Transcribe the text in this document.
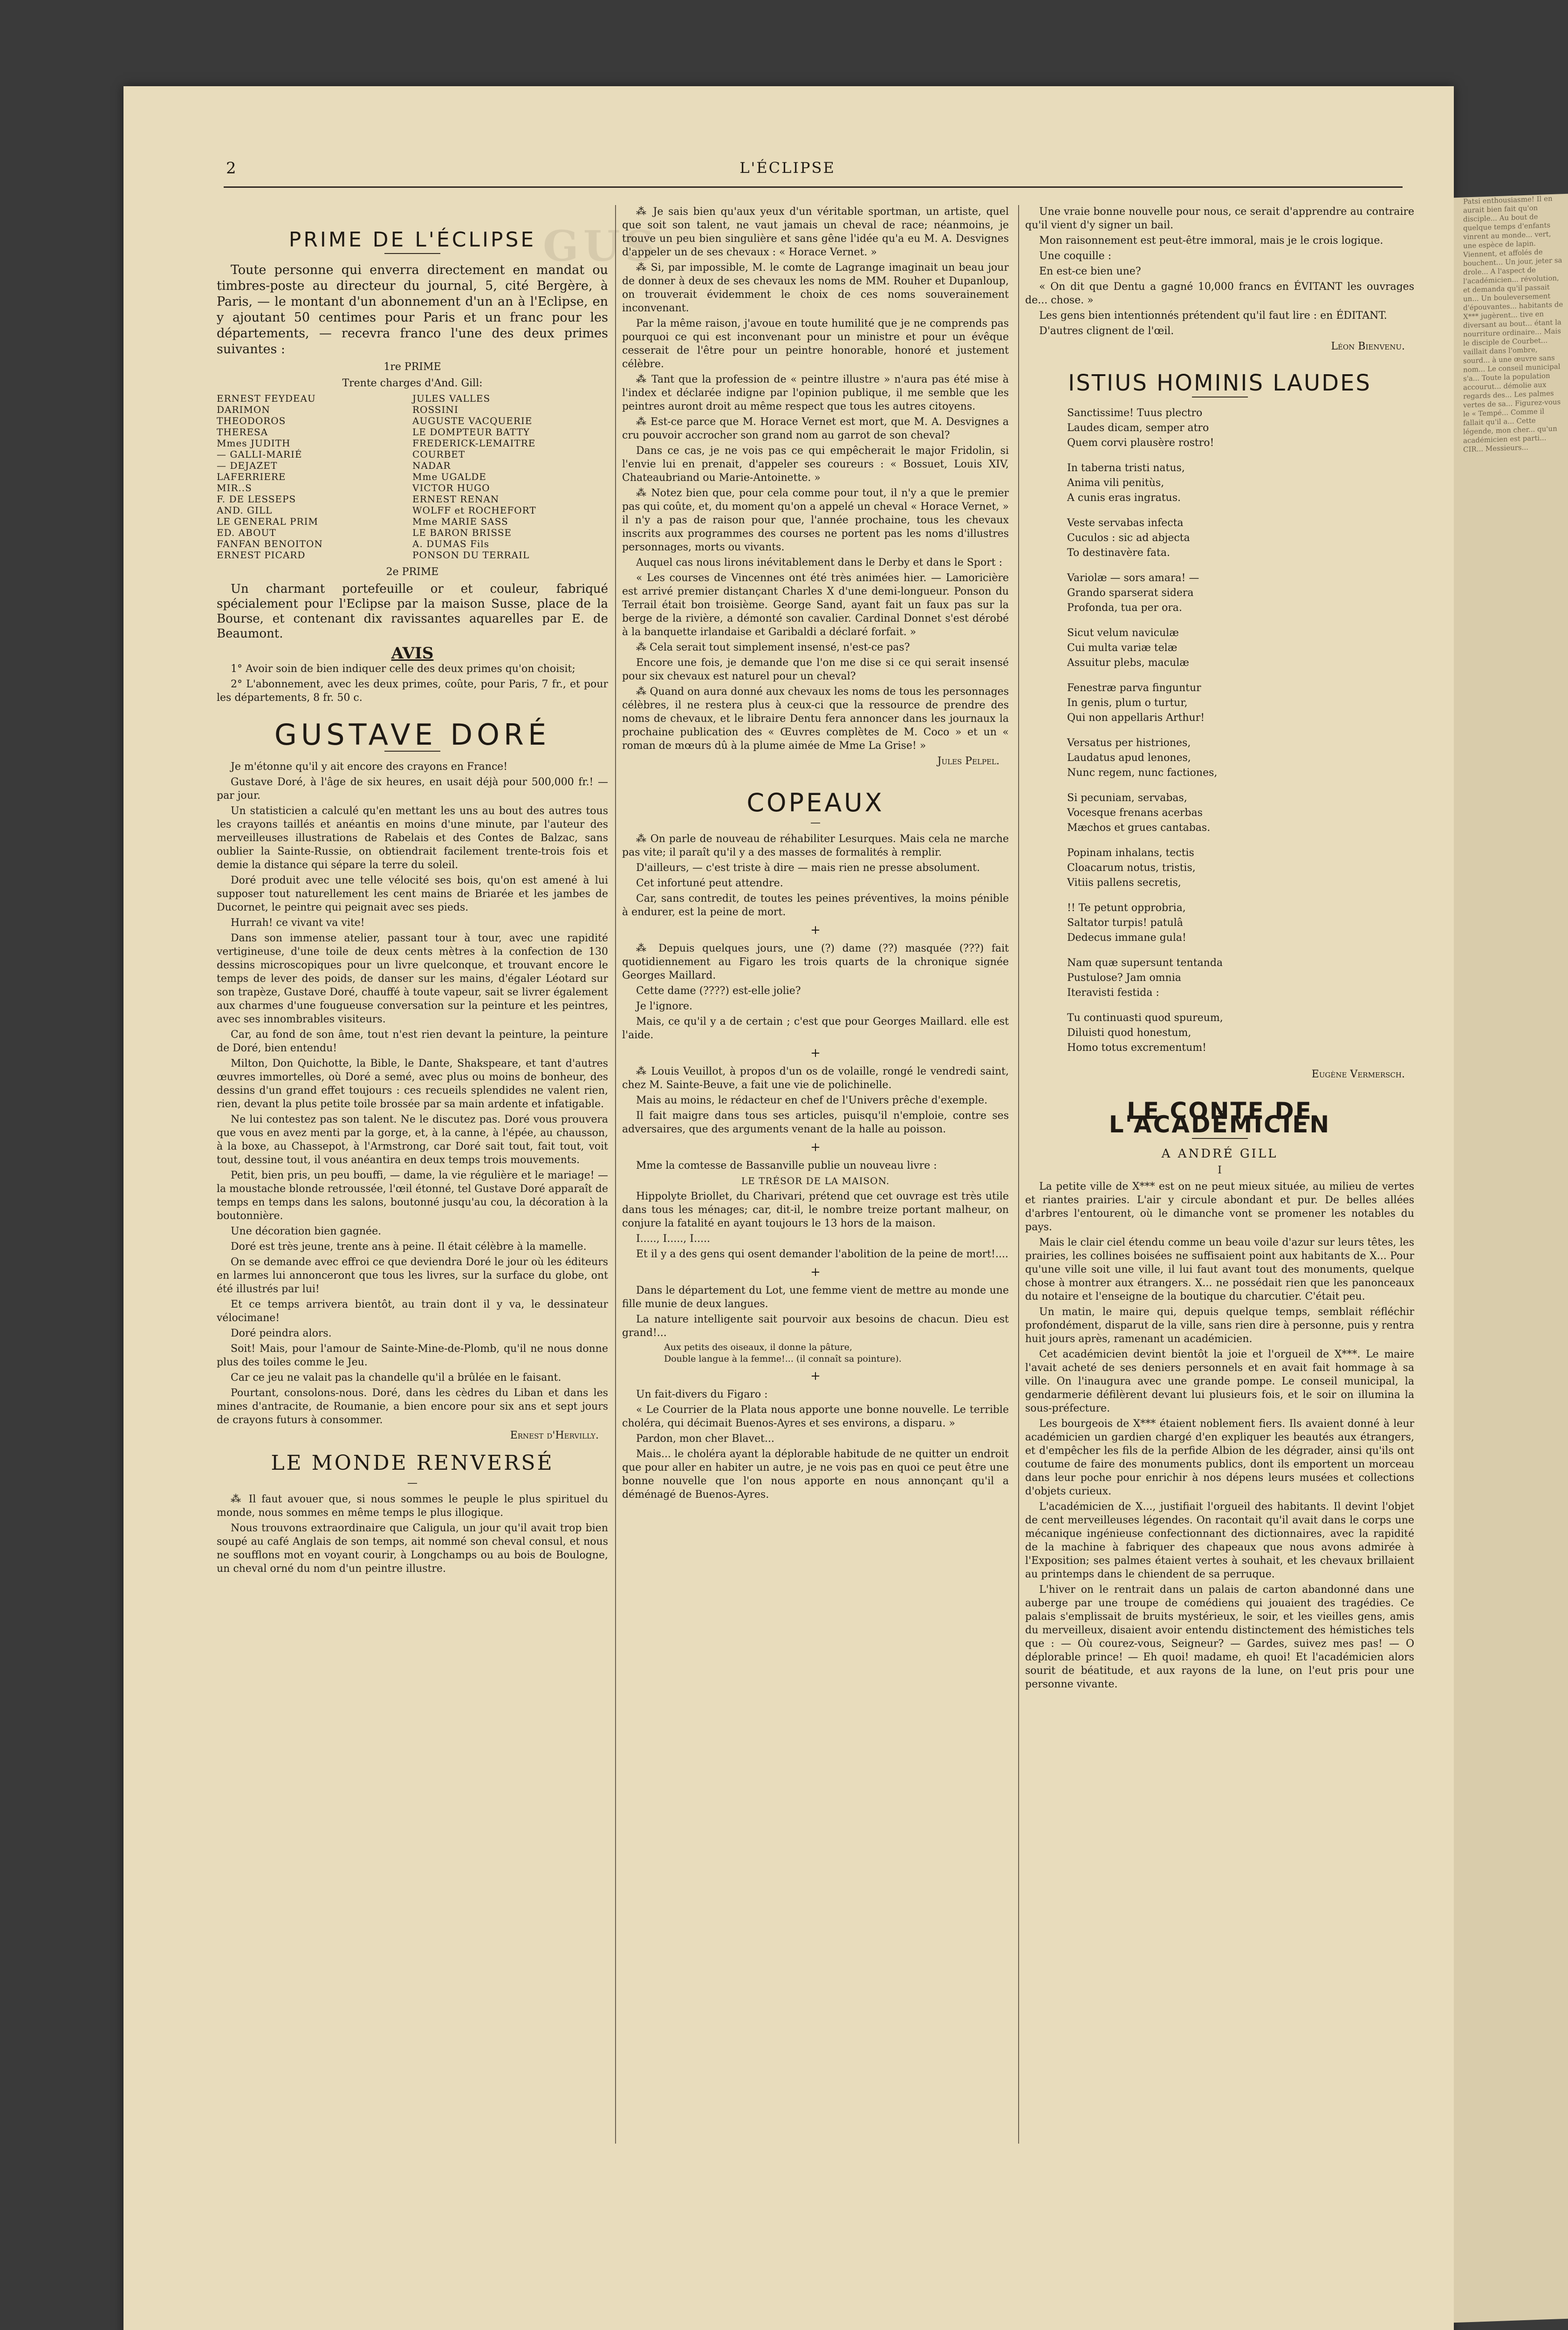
GUS
Patsi enthousiasme! Il en aurait bien fait qu'on disciple... Au bout de quelque temps d'enfants vinrent au monde... vert, une espèce de lapin. Viennent, et affolés de bouchent... Un jour, jeter sa drole... A l'aspect de l'académicien... révolution, et demanda qu'il passait un... Un bouleversement d'épouvantes... habitants de X*** jugèrent... tive en diversant au bout... étant la nourriture ordinaire... Mais le disciple de Courbet... vaillait dans l'ombre, sourd... à une œuvre sans nom... Le conseil municipal s'a... Toute la population accourut... démolie aux regards des... Les palmes vertes de sa... Figurez-vous le « Tempé... Comme il fallait qu'il a... Cette légende, mon cher... qu'un académicien est parti... CIR... Messieurs...
2	L'ÉCLIPSE
PRIME DE L'ÉCLIPSE

Toute personne qui enverra directement en mandat ou timbres-poste au directeur du journal, 5, cité Bergère, à Paris, — le montant d'un abonnement d'un an à l'Eclipse, en y ajoutant 50 centimes pour Paris et un franc pour les départements, — recevra franco l'une des deux primes suivantes :

1re PRIME
Trente charges d'And. Gill:
ERNEST FEYDEAU
DARIMON
THEODOROS
THERESA
Mmes JUDITH
— GALLI-MARIÉ
— DEJAZET
LAFERRIERE
MIR..S
F. DE LESSEPS
AND. GILL
LE GENERAL PRIM
ED. ABOUT
FANFAN BENOITON
ERNEST PICARD
JULES VALLES
ROSSINI
AUGUSTE VACQUERIE
LE DOMPTEUR BATTY
FREDERICK-LEMAITRE
COURBET
NADAR
Mme UGALDE
VICTOR HUGO
ERNEST RENAN
WOLFF et ROCHEFORT
Mme MARIE SASS
LE BARON BRISSE
A. DUMAS Fils
PONSON DU TERRAIL
2e PRIME

Un charmant portefeuille or et couleur, fabriqué spécialement pour l'Eclipse par la maison Susse, place de la Bourse, et contenant dix ravissantes aquarelles par E. de Beaumont.

AVIS

1° Avoir soin de bien indiquer celle des deux primes qu'on choisit;

2° L'abonnement, avec les deux primes, coûte, pour Paris, 7 fr., et pour les départements, 8 fr. 50 c.

GUSTAVE DORÉ

Je m'étonne qu'il y ait encore des crayons en France!

Gustave Doré, à l'âge de six heures, en usait déjà pour 500,000 fr.! — par jour.

Un statisticien a calculé qu'en mettant les uns au bout des autres tous les crayons taillés et anéantis en moins d'une minute, par l'auteur des merveilleuses illustrations de Rabelais et des Contes de Balzac, sans oublier la Sainte-Russie, on obtiendrait facilement trente-trois fois et demie la distance qui sépare la terre du soleil.

Doré produit avec une telle vélocité ses bois, qu'on est amené à lui supposer tout naturellement les cent mains de Briarée et les jambes de Ducornet, le peintre qui peignait avec ses pieds.

Hurrah! ce vivant va vite!

Dans son immense atelier, passant tour à tour, avec une rapidité vertigineuse, d'une toile de deux cents mètres à la confection de 130 dessins microscopiques pour un livre quelconque, et trouvant encore le temps de lever des poids, de danser sur les mains, d'égaler Léotard sur son trapèze, Gustave Doré, chauffé à toute vapeur, sait se livrer également aux charmes d'une fougueuse conversation sur la peinture et les peintres, avec ses innombrables visiteurs.

Car, au fond de son âme, tout n'est rien devant la peinture, la peinture de Doré, bien entendu!

Milton, Don Quichotte, la Bible, le Dante, Shakspeare, et tant d'autres œuvres immortelles, où Doré a semé, avec plus ou moins de bonheur, des dessins d'un grand effet toujours : ces recueils splendides ne valent rien, rien, devant la plus petite toile brossée par sa main ardente et infatigable.

Ne lui contestez pas son talent. Ne le discutez pas. Doré vous prouvera que vous en avez menti par la gorge, et, à la canne, à l'épée, au chausson, à la boxe, au Chassepot, à l'Armstrong, car Doré sait tout, fait tout, voit tout, dessine tout, il vous anéantira en deux temps trois mouvements.

Petit, bien pris, un peu bouffi, — dame, la vie régulière et le mariage! — la moustache blonde retroussée, l'œil étonné, tel Gustave Doré apparaît de temps en temps dans les salons, boutonné jusqu'au cou, la décoration à la boutonnière.

Une décoration bien gagnée.

Doré est très jeune, trente ans à peine. Il était célèbre à la mamelle.

On se demande avec effroi ce que deviendra Doré le jour où les éditeurs en larmes lui annonceront que tous les livres, sur la surface du globe, ont été illustrés par lui!

Et ce temps arrivera bientôt, au train dont il y va, le dessinateur vélocimane!

Doré peindra alors.

Soit! Mais, pour l'amour de Sainte-Mine-de-Plomb, qu'il ne nous donne plus des toiles comme le Jeu.

Car ce jeu ne valait pas la chandelle qu'il a brûlée en le faisant.

Pourtant, consolons-nous. Doré, dans les cèdres du Liban et dans les mines d'antracite, de Roumanie, a bien encore pour six ans et sept jours de crayons futurs à consommer.

Ernest d'Hervilly.
LE MONDE RENVERSÉ
—

⁂ Il faut avouer que, si nous sommes le peuple le plus spirituel du monde, nous sommes en même temps le plus illogique.

Nous trouvons extraordinaire que Caligula, un jour qu'il avait trop bien soupé au café Anglais de son temps, ait nommé son cheval consul, et nous ne soufflons mot en voyant courir, à Longchamps ou au bois de Boulogne, un cheval orné du nom d'un peintre illustre.

⁂ Je sais bien qu'aux yeux d'un véritable sportman, un artiste, quel que soit son talent, ne vaut jamais un cheval de race; néanmoins, je trouve un peu bien singulière et sans gêne l'idée qu'a eu M. A. Desvignes d'appeler un de ses chevaux : « Horace Vernet. »

⁂ Si, par impossible, M. le comte de Lagrange imaginait un beau jour de donner à deux de ses chevaux les noms de MM. Rouher et Dupanloup, on trouverait évidemment le choix de ces noms souverainement inconvenant.

Par la même raison, j'avoue en toute humilité que je ne comprends pas pourquoi ce qui est inconvenant pour un ministre et pour un évêque cesserait de l'être pour un peintre honorable, honoré et justement célèbre.

⁂ Tant que la profession de « peintre illustre » n'aura pas été mise à l'index et déclarée indigne par l'opinion publique, il me semble que les peintres auront droit au même respect que tous les autres citoyens.

⁂ Est-ce parce que M. Horace Vernet est mort, que M. A. Desvignes a cru pouvoir accrocher son grand nom au garrot de son cheval?

Dans ce cas, je ne vois pas ce qui empêcherait le major Fridolin, si l'envie lui en prenait, d'appeler ses coureurs : « Bossuet, Louis XIV, Chateaubriand ou Marie-Antoinette. »

⁂ Notez bien que, pour cela comme pour tout, il n'y a que le premier pas qui coûte, et, du moment qu'on a appelé un cheval « Horace Vernet, » il n'y a pas de raison pour que, l'année prochaine, tous les chevaux inscrits aux programmes des courses ne portent pas les noms d'illustres personnages, morts ou vivants.

Auquel cas nous lirons inévitablement dans le Derby et dans le Sport :

« Les courses de Vincennes ont été très animées hier. — Lamoricière est arrivé premier distançant Charles X d'une demi-longueur. Ponson du Terrail était bon troisième. George Sand, ayant fait un faux pas sur la berge de la rivière, a démonté son cavalier. Cardinal Donnet s'est dérobé à la banquette irlandaise et Garibaldi a déclaré forfait. »

⁂ Cela serait tout simplement insensé, n'est-ce pas?

Encore une fois, je demande que l'on me dise si ce qui serait insensé pour six chevaux est naturel pour un cheval?

⁂ Quand on aura donné aux chevaux les noms de tous les personnages célèbres, il ne restera plus à ceux-ci que la ressource de prendre des noms de chevaux, et le libraire Dentu fera annoncer dans les journaux la prochaine publication des « Œuvres complètes de M. Coco » et un « roman de mœurs dû à la plume aimée de Mme La Grise! »

Jules Pelpel.
COPEAUX
—

⁂ On parle de nouveau de réhabiliter Lesurques. Mais cela ne marche pas vite; il paraît qu'il y a des masses de formalités à remplir.

D'ailleurs, — c'est triste à dire — mais rien ne presse absolument.

Cet infortuné peut attendre.

Car, sans contredit, de toutes les peines préventives, la moins pénible à endurer, est la peine de mort.

+

⁂ Depuis quelques jours, une (?) dame (??) masquée (???) fait quotidiennement au Figaro les trois quarts de la chronique signée Georges Maillard.

Cette dame (????) est-elle jolie?

Je l'ignore.

Mais, ce qu'il y a de certain ; c'est que pour Georges Maillard. elle est l'aide.

+

⁂ Louis Veuillot, à propos d'un os de volaille, rongé le vendredi saint, chez M. Sainte-Beuve, a fait une vie de polichinelle.

Mais au moins, le rédacteur en chef de l'Univers prêche d'exemple.

Il fait maigre dans tous ses articles, puisqu'il n'emploie, contre ses adversaires, que des arguments venant de la halle au poisson.

+

Mme la comtesse de Bassanville publie un nouveau livre :

LE TRÉSOR DE LA MAISON.

Hippolyte Briollet, du Charivari, prétend que cet ouvrage est très utile dans tous les ménages; car, dit-il, le nombre treize portant malheur, on conjure la fatalité en ayant toujours le 13 hors de la maison.

I....., I....., I.....

Et il y a des gens qui osent demander l'abolition de la peine de mort!....

+

Dans le département du Lot, une femme vient de mettre au monde une fille munie de deux langues.

La nature intelligente sait pourvoir aux besoins de chacun. Dieu est grand!...

Aux petits des oiseaux, il donne la pâture,
Double langue à la femme!... (il connaît sa pointure).
+

Un fait-divers du Figaro :

« Le Courrier de la Plata nous apporte une bonne nouvelle. Le terrible choléra, qui décimait Buenos-Ayres et ses environs, a disparu. »

Pardon, mon cher Blavet...

Mais... le choléra ayant la déplorable habitude de ne quitter un endroit que pour aller en habiter un autre, je ne vois pas en quoi ce peut être une bonne nouvelle que l'on nous apporte en nous annonçant qu'il a déménagé de Buenos-Ayres.

Une vraie bonne nouvelle pour nous, ce serait d'apprendre au contraire qu'il vient d'y signer un bail.

Mon raisonnement est peut-être immoral, mais je le crois logique.

Une coquille :

En est-ce bien une?

« On dit que Dentu a gagné 10,000 francs en ÉVITANT les ouvrages de... chose. »

Les gens bien intentionnés prétendent qu'il faut lire : en ÉDITANT.

D'autres clignent de l'œil.

Léon Bienvenu.
ISTIUS HOMINIS LAUDES
Sanctissime! Tuus plectro
Laudes dicam, semper atro
Quem corvi plausère rostro!
In taberna tristi natus,
Anima vili penitùs,
A cunis eras ingratus.
Veste servabas infecta
Cuculos : sic ad abjecta
To destinavère fata.
Variolæ — sors amara! —
Grando sparserat sidera
Profonda, tua per ora.
Sicut velum naviculæ
Cui multa variæ telæ
Assuitur plebs, maculæ
Fenestræ parva finguntur
In genis, plum o turtur,
Qui non appellaris Arthur!
Versatus per histriones,
Laudatus apud lenones,
Nunc regem, nunc factiones,
Si pecuniam, servabas,
Vocesque frenans acerbas
Mæchos et grues cantabas.
Popinam inhalans, tectis
Cloacarum notus, tristis,
Vitiis pallens secretis,
!! Te petunt opprobria,
Saltator turpis! patulâ
Dedecus immane gula!
Nam quæ supersunt tentanda
Pustulose? Jam omnia
Iteravisti festida :
Tu continuasti quod spureum,
Diluisti quod honestum,
Homo totus excrementum!
Eugène Vermersch.
LE CONTE DE L'ACADÉMICIEN
A ANDRÉ GILL
I

La petite ville de X*** est on ne peut mieux située, au milieu de vertes et riantes prairies. L'air y circule abondant et pur. De belles allées d'arbres l'entourent, où le dimanche vont se promener les notables du pays.

Mais le clair ciel étendu comme un beau voile d'azur sur leurs têtes, les prairies, les collines boisées ne suffisaient point aux habitants de X... Pour qu'une ville soit une ville, il lui faut avant tout des monuments, quelque chose à montrer aux étrangers. X... ne possédait rien que les panonceaux du notaire et l'enseigne de la boutique du charcutier. C'était peu.

Un matin, le maire qui, depuis quelque temps, semblait réfléchir profondément, disparut de la ville, sans rien dire à personne, puis y rentra huit jours après, ramenant un académicien.

Cet académicien devint bientôt la joie et l'orgueil de X***. Le maire l'avait acheté de ses deniers personnels et en avait fait hommage à sa ville. On l'inaugura avec une grande pompe. Le conseil municipal, la gendarmerie défilèrent devant lui plusieurs fois, et le soir on illumina la sous-préfecture.

Les bourgeois de X*** étaient noblement fiers. Ils avaient donné à leur académicien un gardien chargé d'en expliquer les beautés aux étrangers, et d'empêcher les fils de la perfide Albion de les dégrader, ainsi qu'ils ont coutume de faire des monuments publics, dont ils emportent un morceau dans leur poche pour enrichir à nos dépens leurs musées et collections d'objets curieux.

L'académicien de X..., justifiait l'orgueil des habitants. Il devint l'objet de cent merveilleuses légendes. On racontait qu'il avait dans le corps une mécanique ingénieuse confectionnant des dictionnaires, avec la rapidité de la machine à fabriquer des chapeaux que nous avons admirée à l'Exposition; ses palmes étaient vertes à souhait, et les chevaux brillaient au printemps dans le chiendent de sa perruque.

L'hiver on le rentrait dans un palais de carton abandonné dans une auberge par une troupe de comédiens qui jouaient des tragédies. Ce palais s'emplissait de bruits mystérieux, le soir, et les vieilles gens, amis du merveilleux, disaient avoir entendu distinctement des hémistiches tels que : — Où courez-vous, Seigneur? — Gardes, suivez mes pas! — O déplorable prince! — Eh quoi! madame, eh quoi! Et l'académicien alors sourit de béatitude, et aux rayons de la lune, on l'eut pris pour une personne vivante.
